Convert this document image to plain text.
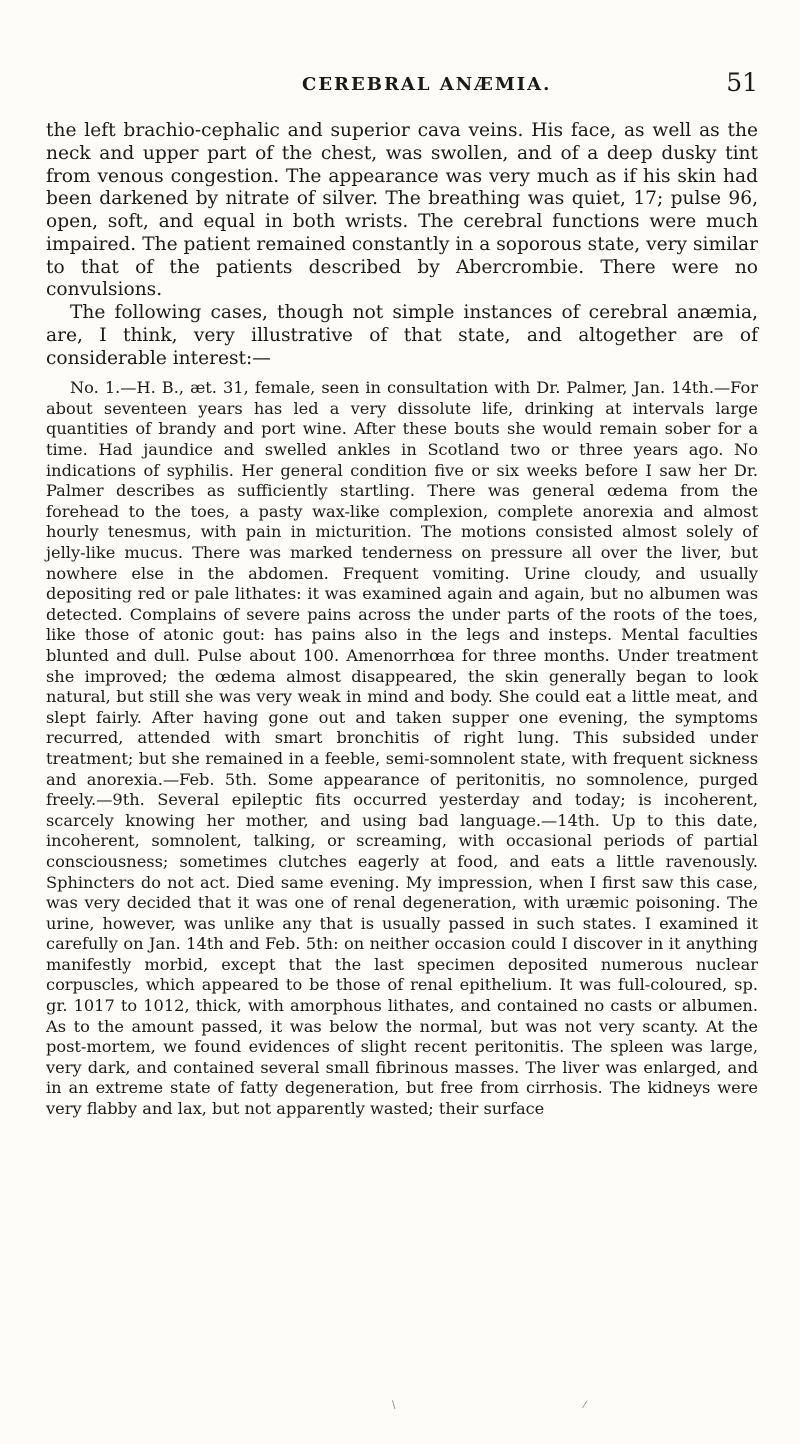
CEREBRAL ANÆMIA.	51

the left brachio-cephalic and superior cava veins. His face, as well as the neck and upper part of the chest, was swollen, and of a deep dusky tint from venous congestion. The appearance was very much as if his skin had been darkened by nitrate of silver. The breathing was quiet, 17; pulse 96, open, soft, and equal in both wrists. The cerebral functions were much impaired. The patient remained constantly in a soporous state, very similar to that of the patients described by Abercrombie. There were no convulsions.

The following cases, though not simple instances of cerebral anæmia, are, I think, very illustrative of that state, and altogether are of considerable interest:—

No. 1.—H. B., æt. 31, female, seen in consultation with Dr. Palmer, Jan. 14th.—For about seventeen years has led a very dissolute life, drinking at intervals large quantities of brandy and port wine. After these bouts she would remain sober for a time. Had jaundice and swelled ankles in Scotland two or three years ago. No indications of syphilis. Her general condition five or six weeks before I saw her Dr. Palmer describes as sufficiently startling. There was general œdema from the forehead to the toes, a pasty wax-like complexion, complete anorexia and almost hourly tenesmus, with pain in micturition. The motions consisted almost solely of jelly-like mucus. There was marked tenderness on pressure all over the liver, but nowhere else in the abdomen. Frequent vomiting. Urine cloudy, and usually depositing red or pale lithates: it was examined again and again, but no albumen was detected. Complains of severe pains across the under parts of the roots of the toes, like those of atonic gout: has pains also in the legs and insteps. Mental faculties blunted and dull. Pulse about 100. Amenorrhœa for three months. Under treatment she improved; the œdema almost disappeared, the skin generally began to look natural, but still she was very weak in mind and body. She could eat a little meat, and slept fairly. After having gone out and taken supper one evening, the symptoms recurred, attended with smart bronchitis of right lung. This subsided under treatment; but she remained in a feeble, semi-somnolent state, with frequent sickness and anorexia.—Feb. 5th. Some appearance of peritonitis, no somnolence, purged freely.—9th. Several epileptic fits occurred yesterday and today; is incoherent, scarcely knowing her mother, and using bad language.—14th. Up to this date, incoherent, somnolent, talking, or screaming, with occasional periods of partial consciousness; sometimes clutches eagerly at food, and eats a little ravenously. Sphincters do not act. Died same evening. My impression, when I first saw this case, was very decided that it was one of renal degeneration, with uræmic poisoning. The urine, however, was unlike any that is usually passed in such states. I examined it carefully on Jan. 14th and Feb. 5th: on neither occasion could I discover in it anything manifestly morbid, except that the last specimen deposited numerous nuclear corpuscles, which appeared to be those of renal epithelium. It was full-coloured, sp. gr. 1017 to 1012, thick, with amorphous lithates, and contained no casts or albumen. As to the amount passed, it was below the normal, but was not very scanty. At the post-mortem, we found evidences of slight recent peritonitis. The spleen was large, very dark, and contained several small fibrinous masses. The liver was enlarged, and in an extreme state of fatty degeneration, but free from cirrhosis. The kidneys were very flabby and lax, but not apparently wasted; their surface

\	⁄
